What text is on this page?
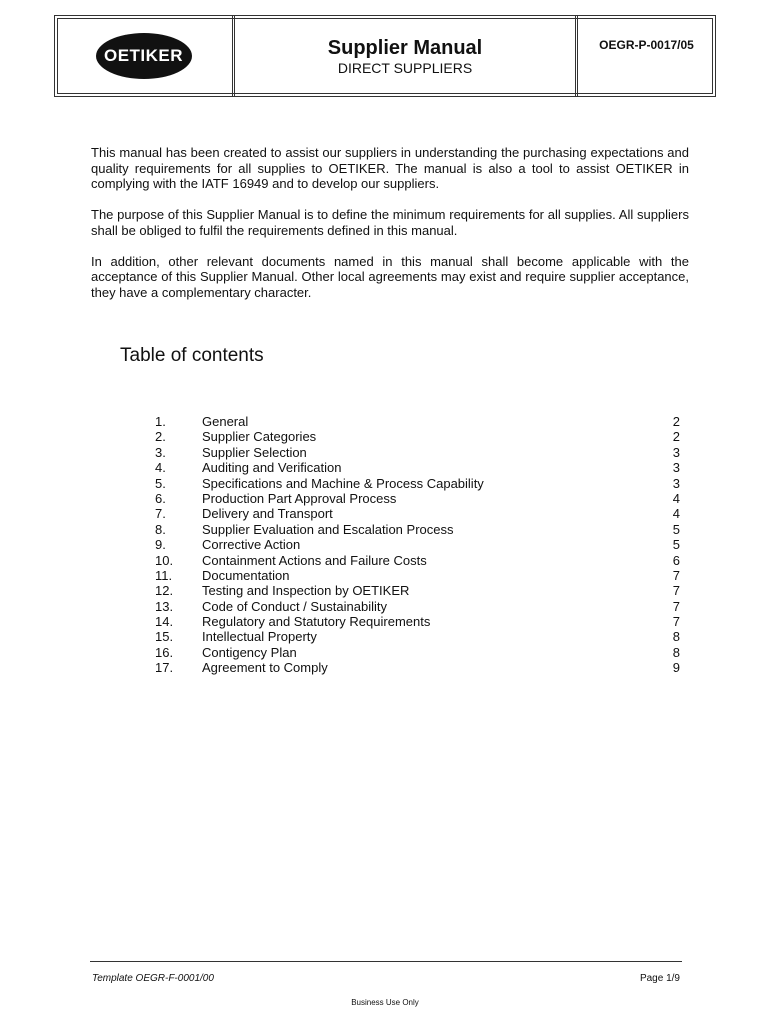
OETIKER	Supplier Manual
DIRECT SUPPLIERS
OEGR-P-0017/05

This manual has been created to assist our suppliers in understanding the purchasing expectations and quality requirements for all supplies to OETIKER. The manual is also a tool to assist OETIKER in complying with the IATF 16949 and to develop our suppliers.

The purpose of this Supplier Manual is to define the minimum requirements for all supplies. All suppliers shall be obliged to fulfil the requirements defined in this manual.

In addition, other relevant documents named in this manual shall become applicable with the acceptance of this Supplier Manual. Other local agreements may exist and require supplier acceptance, they have a complementary character.

Table of contents
1.	General	2
2.	Supplier Categories	2
3.	Supplier Selection	3
4.	Auditing and Verification	3
5.	Specifications and Machine & Process Capability	3
6.	Production Part Approval Process	4
7.	Delivery and Transport	4
8.	Supplier Evaluation and Escalation Process	5
9.	Corrective Action	5
10.	Containment Actions and Failure Costs	6
11.	Documentation	7
12.	Testing and Inspection by OETIKER	7
13.	Code of Conduct / Sustainability	7
14.	Regulatory and Statutory Requirements	7
15.	Intellectual Property	8
16.	Contigency Plan	8
17.	Agreement to Comply	9
Template OEGR-F-0001/00	Page 1/9
Business Use Only
